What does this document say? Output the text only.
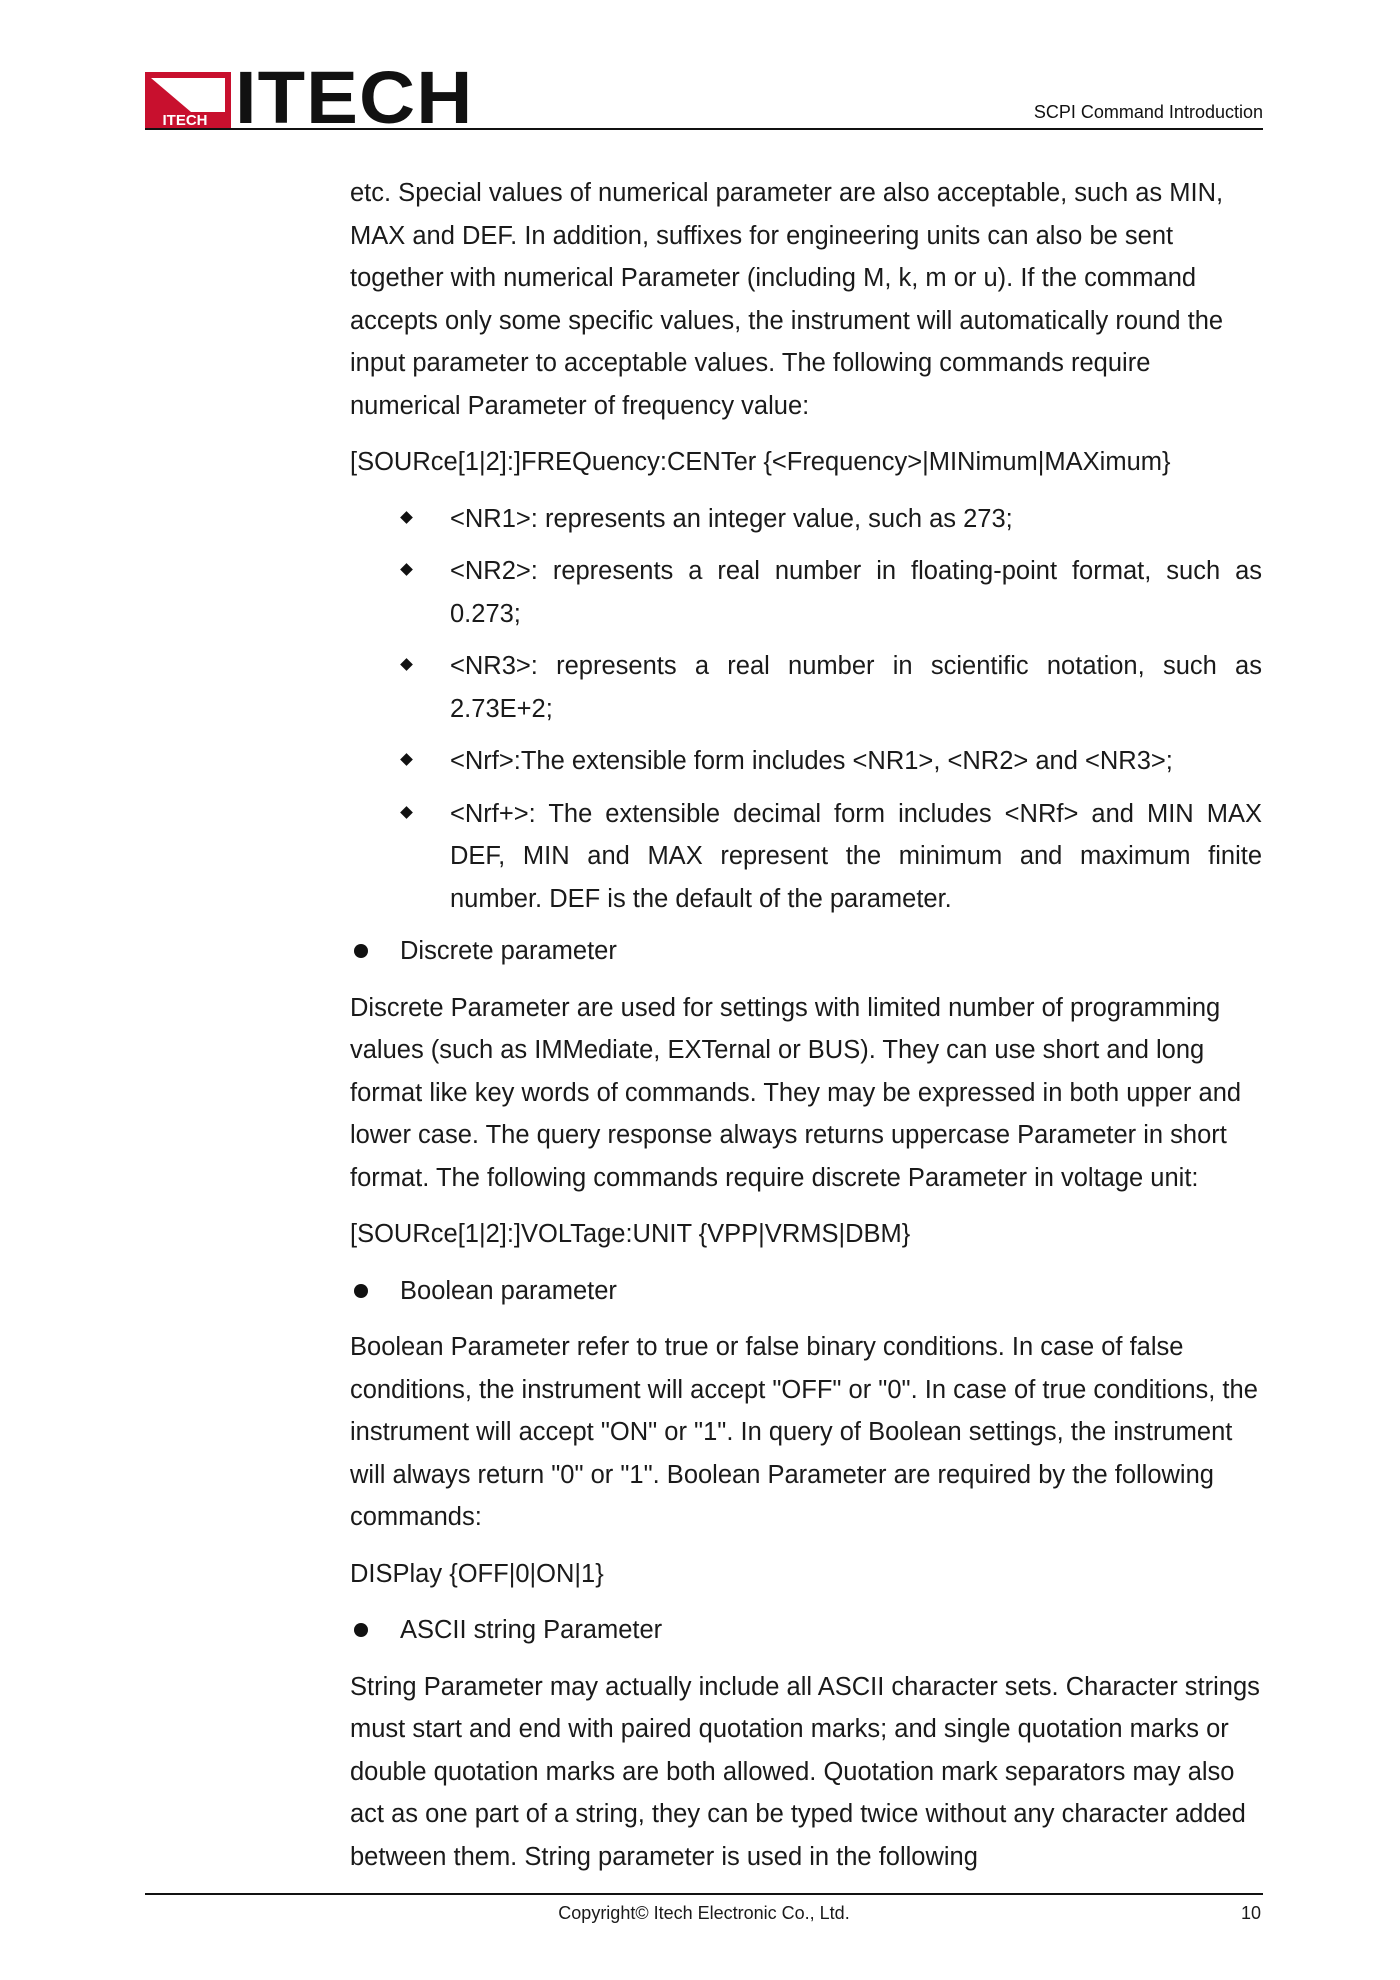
ITECH ITECH	SCPI Command Introduction

etc. Special values of numerical parameter are also acceptable, such as MIN, MAX and DEF. In addition, suffixes for engineering units can also be sent together with numerical Parameter (including M, k, m or u). If the command accepts only some specific values, the instrument will automatically round the input parameter to acceptable values. The following commands require numerical Parameter of frequency value:

[SOURce[1|2]:]FREQuency:CENTer {<Frequency>|MINimum|MAXimum}

<NR1>: represents an integer value, such as 273;
<NR2>: represents a real number in floating-point format, such as 0.273;
<NR3>: represents a real number in scientific notation, such as 2.73E+2;
<Nrf>:The extensible form includes <NR1>, <NR2> and <NR3>;
<Nrf+>: The extensible decimal form includes <NRf> and MIN MAX DEF, MIN and MAX represent the minimum and maximum finite number. DEF is the default of the parameter.

Discrete parameter

Discrete Parameter are used for settings with limited number of programming values (such as IMMediate, EXTernal or BUS). They can use short and long format like key words of commands. They may be expressed in both upper and lower case. The query response always returns uppercase Parameter in short format. The following commands require discrete Parameter in voltage unit:

[SOURce[1|2]:]VOLTage:UNIT {VPP|VRMS|DBM}

Boolean parameter

Boolean Parameter refer to true or false binary conditions. In case of false conditions, the instrument will accept "OFF" or "0". In case of true conditions, the instrument will accept "ON" or "1". In query of Boolean settings, the instrument will always return "0" or "1". Boolean Parameter are required by the following commands:

DISPlay {OFF|0|ON|1}

ASCII string Parameter

String Parameter may actually include all ASCII character sets. Character strings must start and end with paired quotation marks; and single quotation marks or double quotation marks are both allowed. Quotation mark separators may also act as one part of a string, they can be typed twice without any character added between them. String parameter is used in the following

Copyright© Itech Electronic Co., Ltd.	10
